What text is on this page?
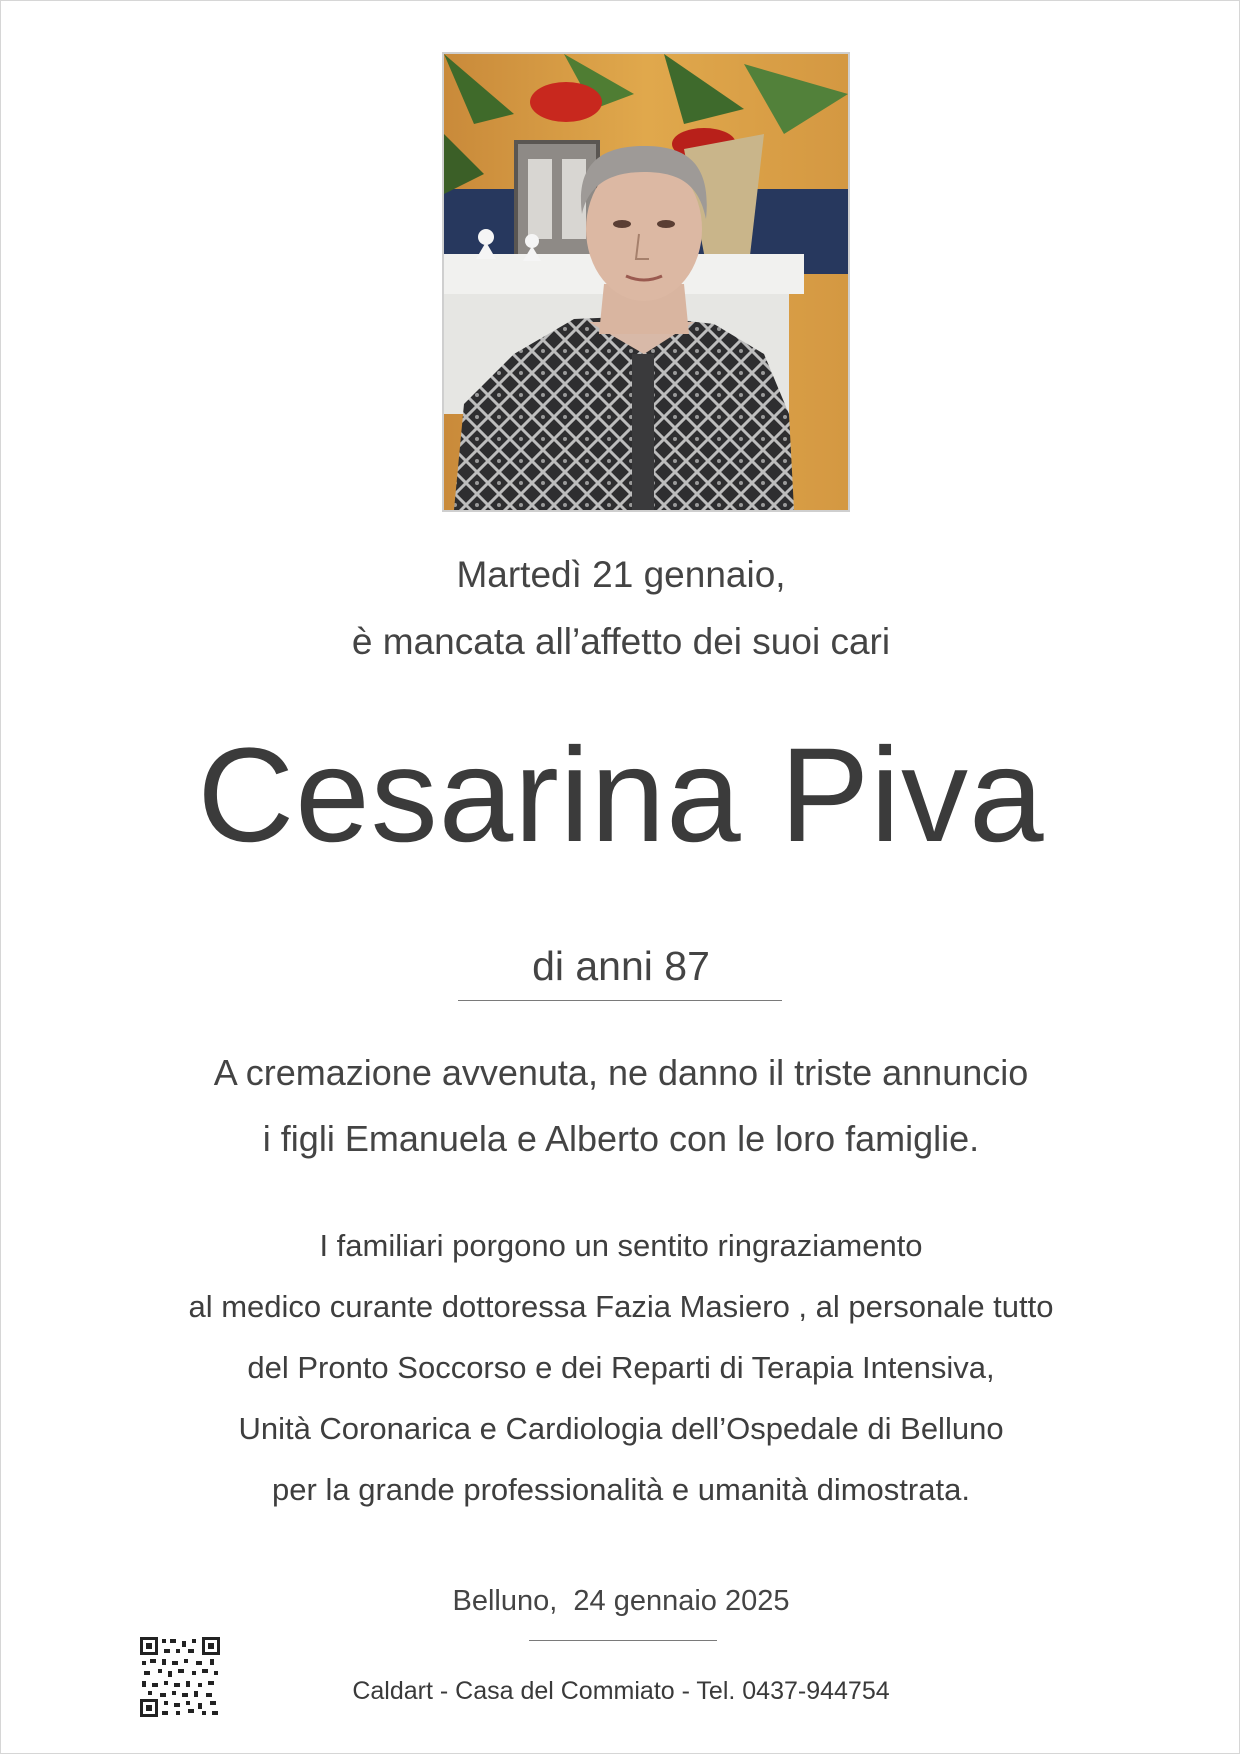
Martedì 21 gennaio,
è mancata all’affetto dei suoi cari
Cesarina Piva
di anni 87
A cremazione avvenuta, ne danno il triste annuncio
i figli Emanuela e Alberto con le loro famiglie.
I familiari porgono un sentito ringraziamento
al medico curante dottoressa Fazia Masiero , al personale tutto
del Pronto Soccorso e dei Reparti di Terapia Intensiva,
Unità Coronarica e Cardiologia dell’Ospedale di Belluno
per la grande professionalità e umanità dimostrata.
Belluno,  24 gennaio 2025
Caldart - Casa del Commiato - Tel. 0437-944754
